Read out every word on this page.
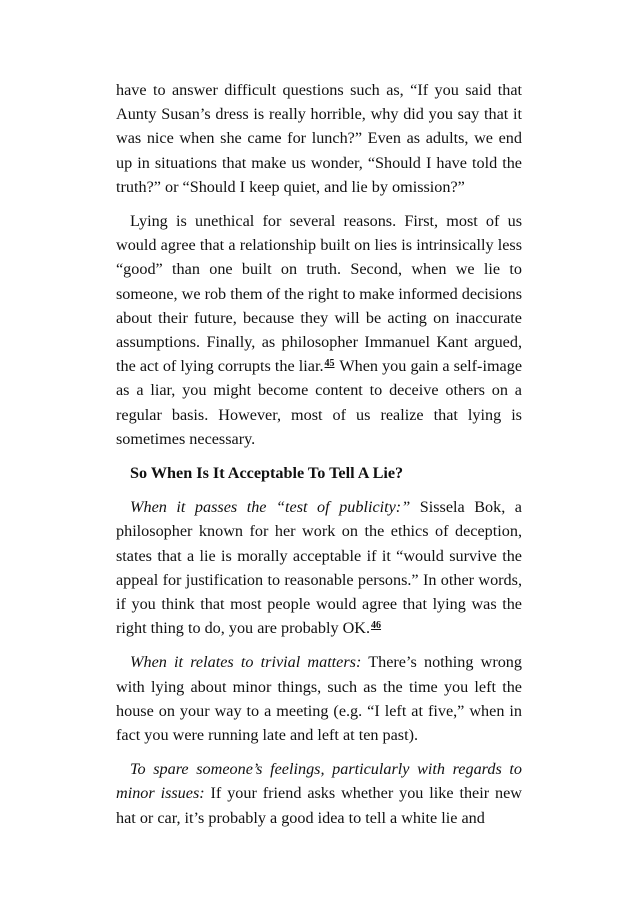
have to answer difficult questions such as, “If you said that Aunty Susan’s dress is really horrible, why did you say that it was nice when she came for lunch?” Even as adults, we end up in situations that make us wonder, “Should I have told the truth?” or “Should I keep quiet, and lie by omission?”

Lying is unethical for several reasons. First, most of us would agree that a relationship built on lies is intrinsically less “good” than one built on truth. Second, when we lie to someone, we rob them of the right to make informed decisions about their future, because they will be acting on inaccurate assumptions. Finally, as philosopher Immanuel Kant argued, the act of lying corrupts the liar.$^{45}$ When you gain a self-image as a liar, you might become content to deceive others on a regular basis. However, most of us realize that lying is sometimes necessary.

So When Is It Acceptable To Tell A Lie?

When it passes the “test of publicity:” Sissela Bok, a philosopher known for her work on the ethics of deception, states that a lie is morally acceptable if it “would survive the appeal for justification to reasonable persons.” In other words, if you think that most people would agree that lying was the right thing to do, you are probably OK.$^{46}$

When it relates to trivial matters: There’s nothing wrong with lying about minor things, such as the time you left the house on your way to a meeting (e.g. “I left at five,” when in fact you were running late and left at ten past).

To spare someone’s feelings, particularly with regards to minor issues: If your friend asks whether you like their new hat or car, it’s probably a good idea to tell a white lie and
